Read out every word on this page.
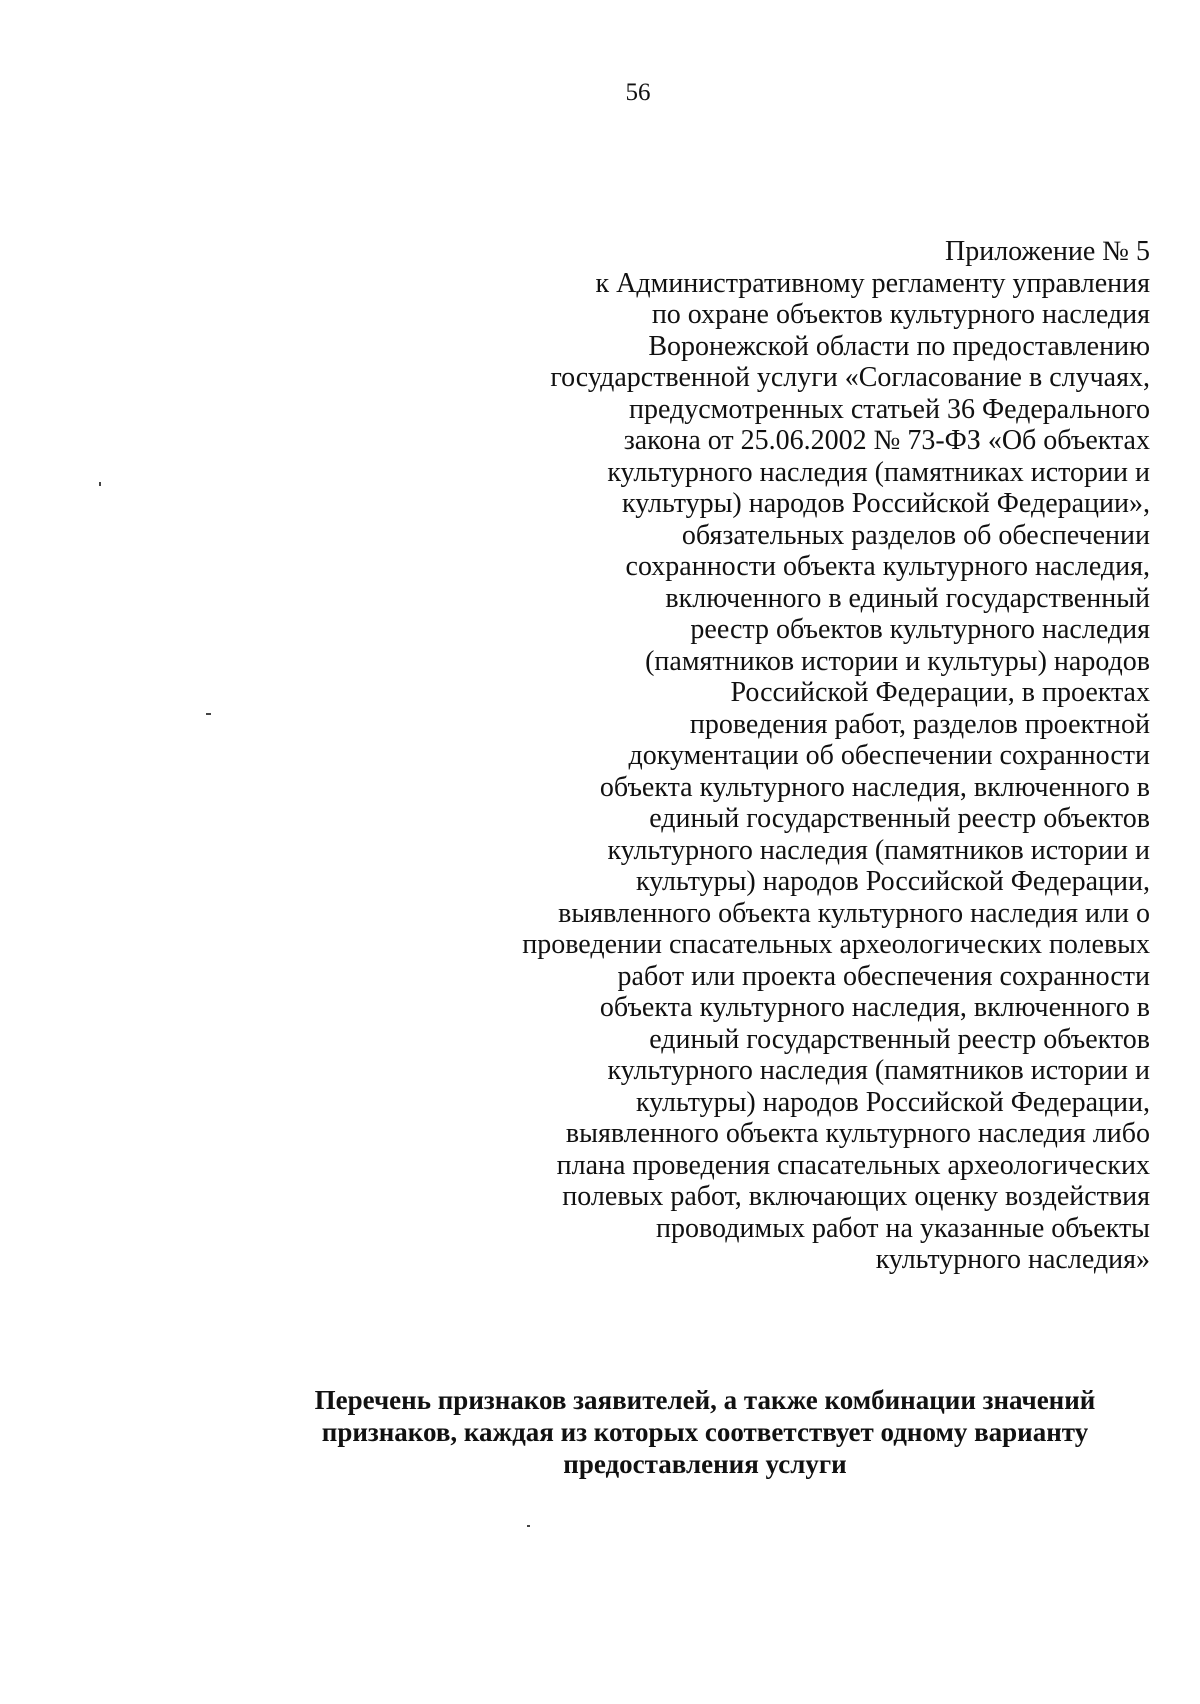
56
Приложение № 5
к Административному регламенту управления
по охране объектов культурного наследия
Воронежской области по предоставлению
государственной услуги «Согласование в случаях,
предусмотренных статьей 36 Федерального
закона от 25.06.2002 № 73-ФЗ «Об объектах
культурного наследия (памятниках истории и
культуры) народов Российской Федерации»,
обязательных разделов об обеспечении
сохранности объекта культурного наследия,
включенного в единый государственный
реестр объектов культурного наследия
(памятников истории и культуры) народов
Российской Федерации, в проектах
проведения работ, разделов проектной
документации об обеспечении сохранности
объекта культурного наследия, включенного в
единый государственный реестр объектов
культурного наследия (памятников истории и
культуры) народов Российской Федерации,
выявленного объекта культурного наследия или о
проведении спасательных археологических полевых
работ или проекта обеспечения сохранности
объекта культурного наследия, включенного в
единый государственный реестр объектов
культурного наследия (памятников истории и
культуры) народов Российской Федерации,
выявленного объекта культурного наследия либо
плана проведения спасательных археологических
полевых работ, включающих оценку воздействия
проводимых работ на указанные объекты
культурного наследия»
Перечень признаков заявителей, а также комбинации значений
признаков, каждая из которых соответствует одному варианту
предоставления услуги
